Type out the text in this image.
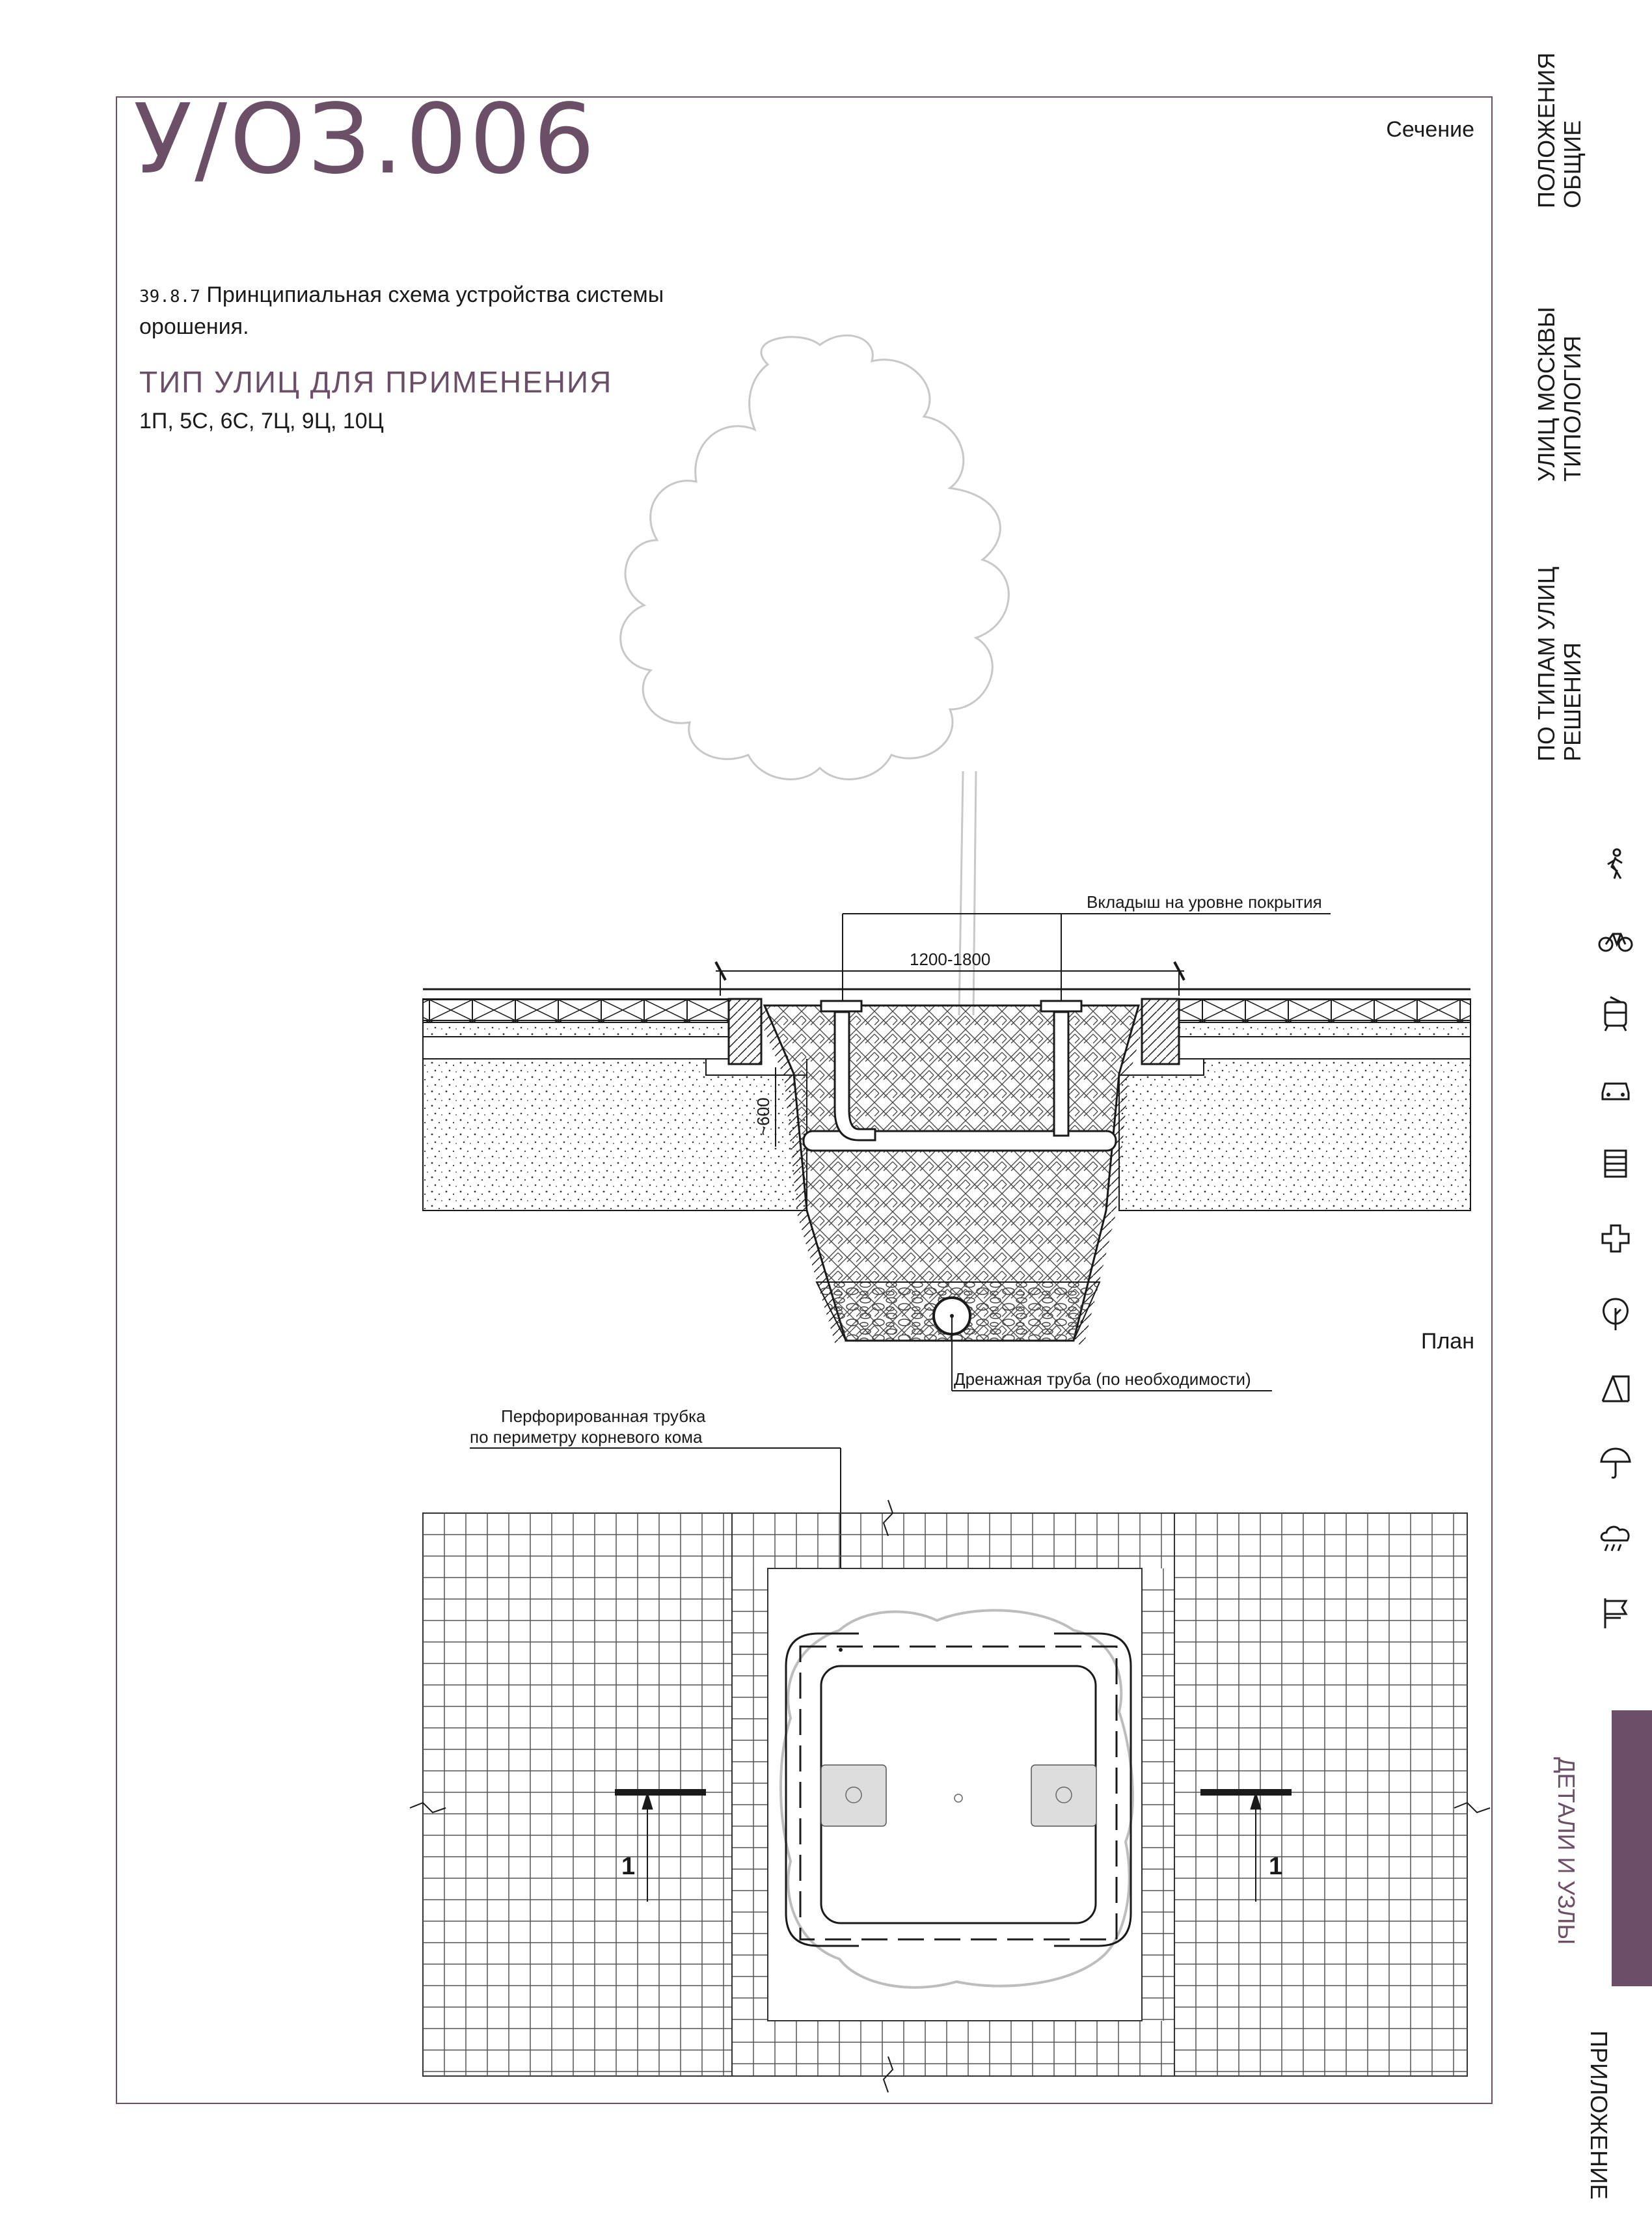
У/ОЗ.006	Сечение
План
39.8.7 Принципиальная схема устройства системы орошения.
ТИП УЛИЦ ДЛЯ ПРИМЕНЕНИЯ
1П, 5С, 6С, 7Ц, 9Ц, 10Ц
Вкладыш на уровне покрытия
1200-1800
~600
Дренажная труба (по необходимости)
Перфорированная трубка
по периметру корневого кома
1	1

ПОЛОЖЕНИЯ ОБЩИЕ

УЛИЦ МОСКВЫ ТИПОЛОГИЯ

ПО ТИПАМ УЛИЦ РЕШЕНИЯ

ДЕТАЛИ И УЗЛЫ

ПРИЛОЖЕНИЕ
